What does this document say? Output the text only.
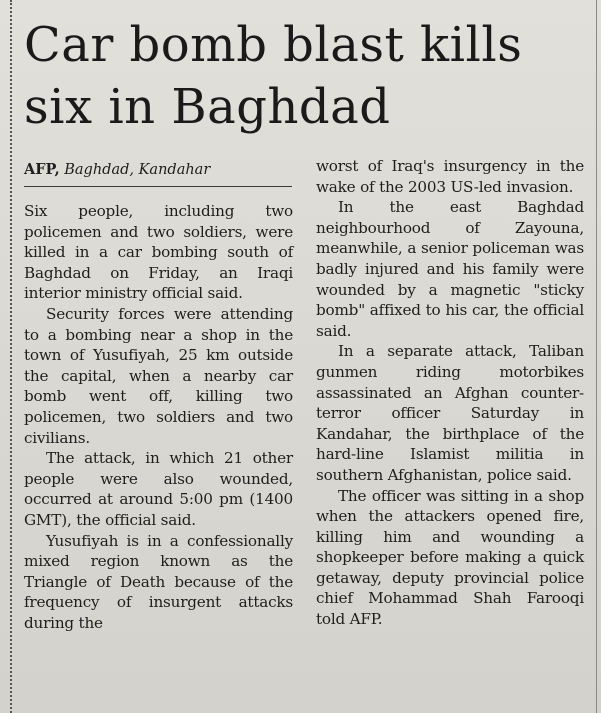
Car bomb blast kills
six in Baghdad
AFP, Baghdad, Kandahar

Six people, including two policemen and two soldiers, were killed in a car bombing south of Baghdad on Friday, an Iraqi interior ministry official said.

Security forces were attending to a bombing near a shop in the town of Yusufiyah, 25 km outside the capital, when a nearby car bomb went off, killing two policemen, two soldiers and two civilians.

The attack, in which 21 other people were also wounded, occurred at around 5:00 pm (1400 GMT), the official said.

Yusufiyah is in a confessionally mixed region known as the Triangle of Death because of the frequency of insurgent attacks during the

worst of Iraq's insurgency in the wake of the 2003 US-led invasion.

In the east Baghdad neighbourhood of Zayouna, meanwhile, a senior policeman was badly injured and his family were wounded by a magnetic "sticky bomb" affixed to his car, the official said.

In a separate attack, Taliban gunmen riding motorbikes assassinated an Afghan counter-terror officer Saturday in Kandahar, the birthplace of the hard-line Islamist militia in southern Afghanistan, police said.

The officer was sitting in a shop when the attackers opened fire, killing him and wounding a shopkeeper before making a quick getaway, deputy provincial police chief Mohammad Shah Farooqi told AFP.
